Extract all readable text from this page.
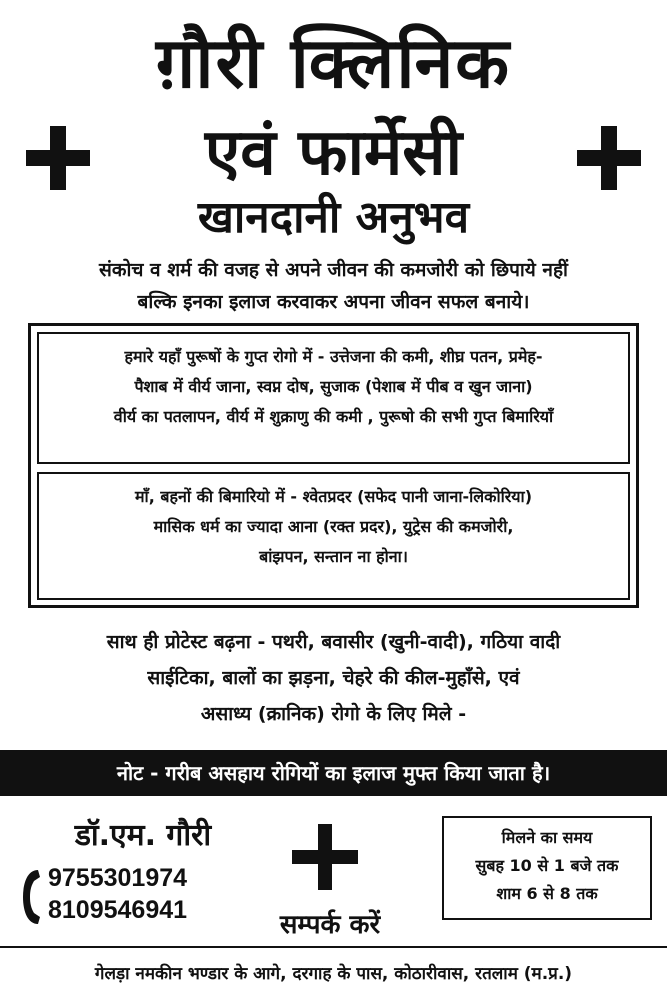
ग़ौरी क्लिनिक
एवं फार्मेसी
खानदानी अनुभव
संकोच व शर्म की वजह से अपने जीवन की कमजोरी को छिपाये नहीं
बल्कि इनका इलाज करवाकर अपना जीवन सफल बनाये।
हमारे यहाँ पुरूषों के गुप्त रोगो में - उत्तेजना की कमी, शीघ्र पतन, प्रमेह-
पैशाब में वीर्य जाना, स्वप्न दोष, सुजाक (पेशाब में पीब व खुन जाना)
वीर्य का पतलापन, वीर्य में शुक्राणु की कमी , पुरूषो की सभी गुप्त बिमारियाँ
माँ, बहनों की बिमारियो में - श्वेतप्रदर (सफेद पानी जाना-लिकोरिया)
मासिक धर्म का ज्यादा आना (रक्त प्रदर), युट्रेस की कमजोरी,
बांझपन, सन्तान ना होना।
साथ ही प्रोटेस्ट बढ़ना - पथरी, बवासीर (खुनी-वादी), गठिया वादी
साईटिका, बालों का झड़ना, चेहरे की कील-मुहाँसे, एवं
असाध्य (क्रानिक) रोगो के लिए मिले -
नोट - गरीब असहाय रोगियों का इलाज मुफ्त किया जाता है।
डॉ.एम. गौरी
9755301974
8109546941	सम्पर्क करें
मिलने का समय
सुबह 10 से 1 बजे तक
शाम 6 से 8 तक
गेलड़ा नमकीन भण्डार के आगे, दरगाह के पास, कोठारीवास, रतलाम (म.प्र.)
